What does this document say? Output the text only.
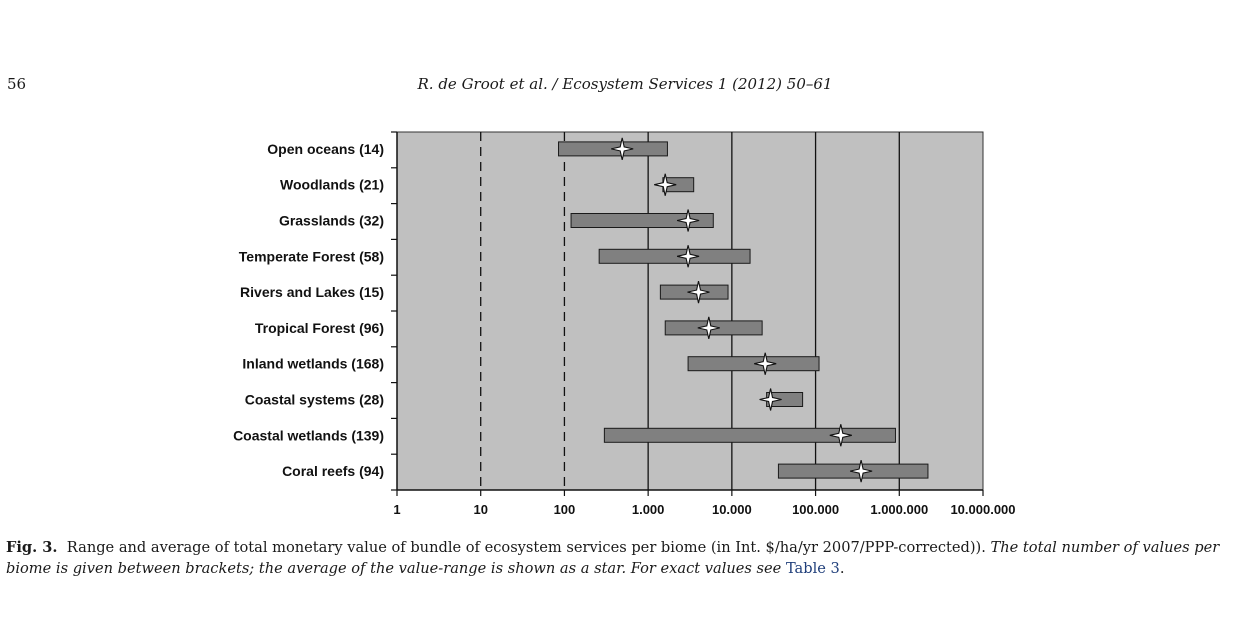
56	R. de Groot et al. / Ecosystem Services 1 (2012) 50–61
1	10	100	1.000	10.000	100.000 1.000.000 10.000.000
Open oceans (14)
Woodlands (21)
Grasslands (32)
Temperate Forest (58)
Rivers and Lakes (15)
Tropical Forest (96)
Inland wetlands (168)
Coastal systems (28)
Coastal wetlands (139)
Coral reefs (94)
Fig. 3. Range and average of total monetary value of bundle of ecosystem services per biome (in Int. $/ha/yr 2007/PPP-corrected)). The total number of values per biome is given between brackets; the average of the value-range is shown as a star. For exact values see Table 3.
